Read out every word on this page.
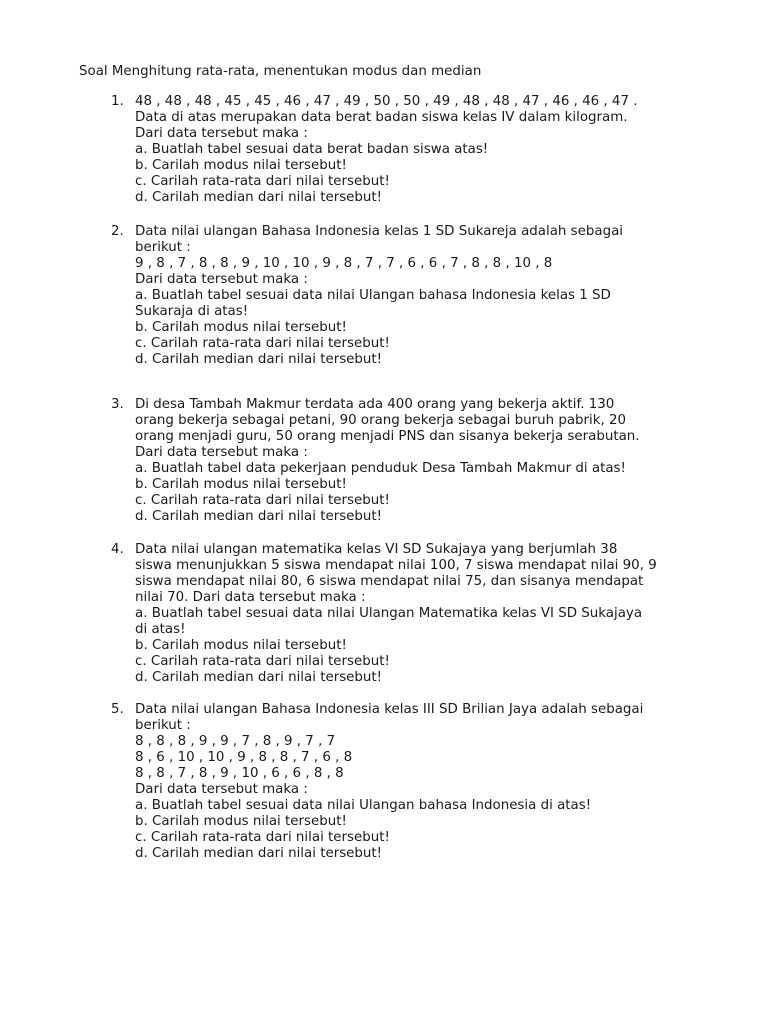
Soal Menghitung rata-rata, menentukan modus dan median
1. 48 , 48 , 48 , 45 , 45 , 46 , 47 , 49 , 50 , 50 , 49 , 48 , 48 , 47 , 46 , 46 , 47 .
Data di atas merupakan data berat badan siswa kelas IV dalam kilogram.
Dari data tersebut maka :
a. Buatlah tabel sesuai data berat badan siswa atas!
b. Carilah modus nilai tersebut!
c. Carilah rata-rata dari nilai tersebut!
d. Carilah median dari nilai tersebut!
2. Data nilai ulangan Bahasa Indonesia kelas 1 SD Sukareja adalah sebagai
berikut :
9 , 8 , 7 , 8 , 8 , 9 , 10 , 10 , 9 , 8 , 7 , 7 , 6 , 6 , 7 , 8 , 8 , 10 , 8
Dari data tersebut maka :
a. Buatlah tabel sesuai data nilai Ulangan bahasa Indonesia kelas 1 SD
Sukaraja di atas!
b. Carilah modus nilai tersebut!
c. Carilah rata-rata dari nilai tersebut!
d. Carilah median dari nilai tersebut!
3. Di desa Tambah Makmur terdata ada 400 orang yang bekerja aktif. 130
orang bekerja sebagai petani, 90 orang bekerja sebagai buruh pabrik, 20
orang menjadi guru, 50 orang menjadi PNS dan sisanya bekerja serabutan.
Dari data tersebut maka :
a. Buatlah tabel data pekerjaan penduduk Desa Tambah Makmur di atas!
b. Carilah modus nilai tersebut!
c. Carilah rata-rata dari nilai tersebut!
d. Carilah median dari nilai tersebut!
4. Data nilai ulangan matematika kelas VI SD Sukajaya yang berjumlah 38
siswa menunjukkan 5 siswa mendapat nilai 100, 7 siswa mendapat nilai 90, 9
siswa mendapat nilai 80, 6 siswa mendapat nilai 75, dan sisanya mendapat
nilai 70. Dari data tersebut maka :
a. Buatlah tabel sesuai data nilai Ulangan Matematika kelas VI SD Sukajaya
di atas!
b. Carilah modus nilai tersebut!
c. Carilah rata-rata dari nilai tersebut!
d. Carilah median dari nilai tersebut!
5. Data nilai ulangan Bahasa Indonesia kelas III SD Brilian Jaya adalah sebagai
berikut :
8 , 8 , 8 , 9 , 9 , 7 , 8 , 9 , 7 , 7
8 , 6 , 10 , 10 , 9 , 8 , 8 , 7 , 6 , 8
8 , 8 , 7 , 8 , 9 , 10 , 6 , 6 , 8 , 8
Dari data tersebut maka :
a. Buatlah tabel sesuai data nilai Ulangan bahasa Indonesia di atas!
b. Carilah modus nilai tersebut!
c. Carilah rata-rata dari nilai tersebut!
d. Carilah median dari nilai tersebut!
